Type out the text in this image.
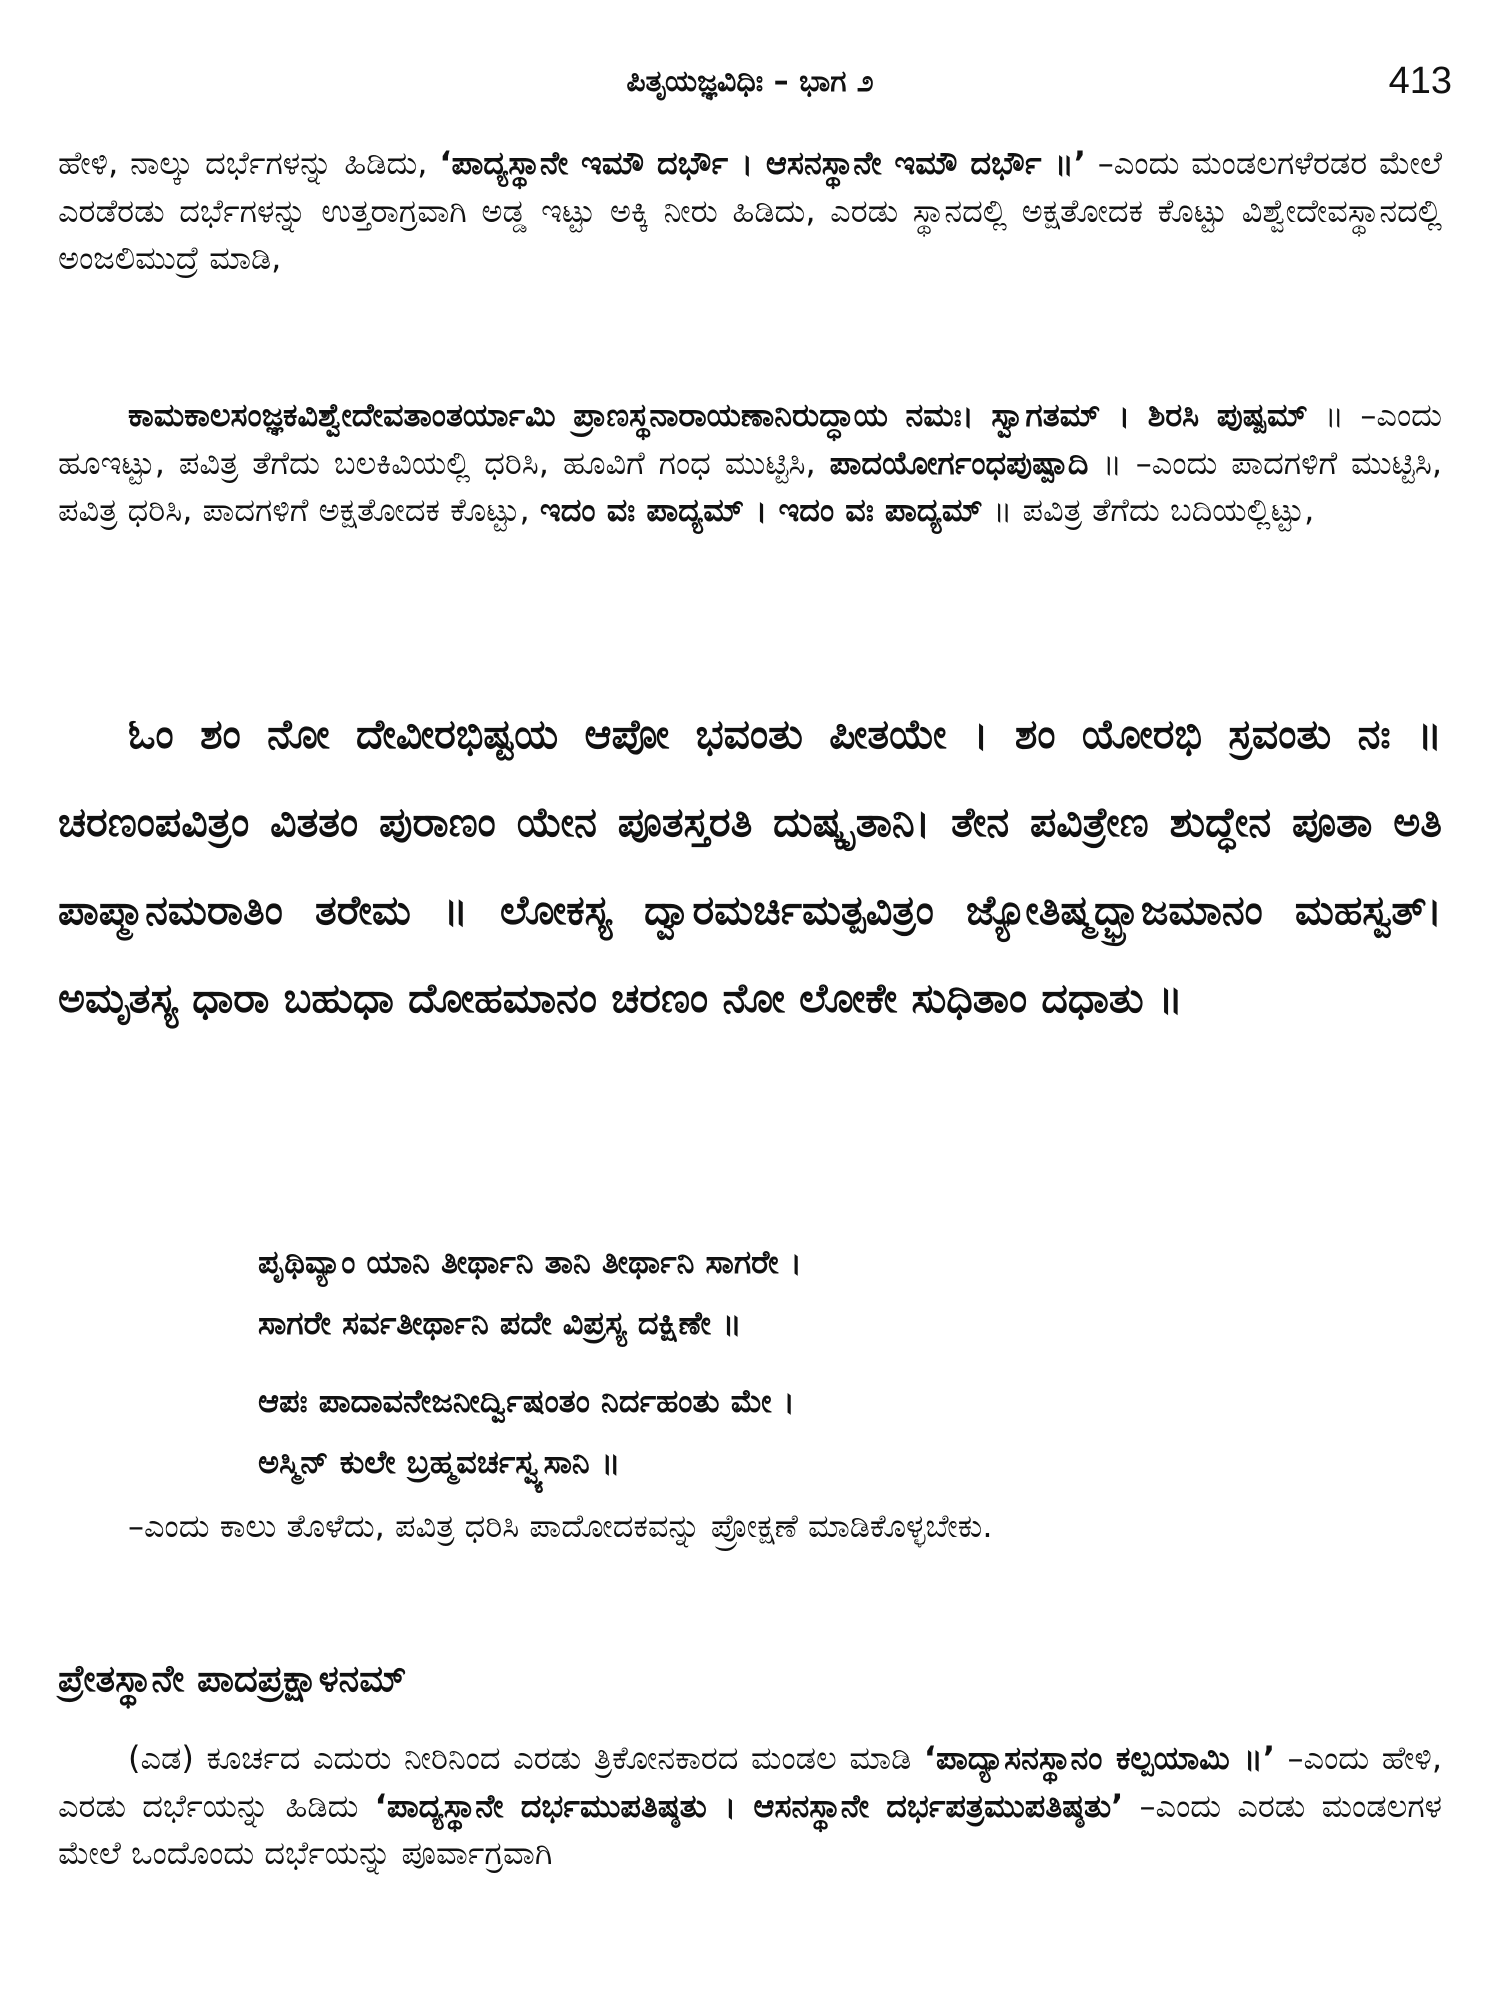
ಪಿತೃಯಜ್ಞವಿಧಿಃ – ಭಾಗ ೨	413
ಹೇಳಿ, ನಾಲ್ಕು ದರ್ಭೆಗಳನ್ನು ಹಿಡಿದು, ‘ಪಾದ್ಯಸ್ಥಾನೇ ಇಮೌ ದರ್ಭೌ । ಆಸನಸ್ಥಾನೇ ಇಮೌ ದರ್ಭೌ ॥’ –ಎಂದು ಮಂಡಲಗಳೆರಡರ ಮೇಲೆ ಎರಡೆರಡು ದರ್ಭೆಗಳನ್ನು ಉತ್ತರಾಗ್ರವಾಗಿ ಅಡ್ಡ ಇಟ್ಟು ಅಕ್ಕಿ ನೀರು ಹಿಡಿದು, ಎರಡು ಸ್ಥಾನದಲ್ಲಿ ಅಕ್ಷತೋದಕ ಕೊಟ್ಟು ವಿಶ್ವೇದೇವಸ್ಥಾನದಲ್ಲಿ ಅಂಜಲಿಮುದ್ರೆ ಮಾಡಿ,
ಕಾಮಕಾಲಸಂಜ್ಞಕವಿಶ್ವೇದೇವತಾಂತರ್ಯಾಮಿ ಪ್ರಾಣಸ್ಥನಾರಾಯಣಾನಿರುದ್ಧಾಯ ನಮಃ। ಸ್ವಾಗತಮ್ । ಶಿರಸಿ ಪುಷ್ಪಮ್ ॥ –ಎಂದು ಹೂಇಟ್ಟು, ಪವಿತ್ರ ತೆಗೆದು ಬಲಕಿವಿಯಲ್ಲಿ ಧರಿಸಿ, ಹೂವಿಗೆ ಗಂಧ ಮುಟ್ಟಿಸಿ, ಪಾದಯೋರ್ಗಂಧಪುಷ್ಪಾದಿ ॥ –ಎಂದು ಪಾದಗಳಿಗೆ ಮುಟ್ಟಿಸಿ, ಪವಿತ್ರ ಧರಿಸಿ, ಪಾದಗಳಿಗೆ ಅಕ್ಷತೋದಕ ಕೊಟ್ಟು, ಇದಂ ವಃ ಪಾದ್ಯಮ್ । ಇದಂ ವಃ ಪಾದ್ಯಮ್ ॥ ಪವಿತ್ರ ತೆಗೆದು ಬದಿಯಲ್ಲಿಟ್ಟು,
ಓಂ ಶಂ ನೋ ದೇವೀರಭಿಷ್ಟಯ ಆಪೋ ಭವಂತು ಪೀತಯೇ । ಶಂ ಯೋರಭಿ ಸ್ರವಂತು ನಃ ॥ ಚರಣಂಪವಿತ್ರಂ ವಿತತಂ ಪುರಾಣಂ ಯೇನ ಪೂತಸ್ತರತಿ ದುಷ್ಕೃತಾನಿ। ತೇನ ಪವಿತ್ರೇಣ ಶುದ್ಧೇನ ಪೂತಾ ಅತಿ ಪಾಪ್ಮಾನಮರಾತಿಂ ತರೇಮ ॥ ಲೋಕಸ್ಯ ದ್ವಾರಮರ್ಚಿಮತ್ಪವಿತ್ರಂ ಜ್ಯೋತಿಷ್ಮದ್ಭ್ರಾಜಮಾನಂ ಮಹಸ್ವತ್। ಅಮೃತಸ್ಯ ಧಾರಾ ಬಹುಧಾ ದೋಹಮಾನಂ ಚರಣಂ ನೋ ಲೋಕೇ ಸುಧಿತಾಂ ದಧಾತು ॥
ಪೃಥಿವ್ಯಾಂ ಯಾನಿ ತೀರ್ಥಾನಿ ತಾನಿ ತೀರ್ಥಾನಿ ಸಾಗರೇ ।
ಸಾಗರೇ ಸರ್ವತೀರ್ಥಾನಿ ಪದೇ ವಿಪ್ರಸ್ಯ ದಕ್ಷಿಣೇ ॥
ಆಪಃ ಪಾದಾವನೇಜನೀರ್ದ್ವಿಷಂತಂ ನಿರ್ದಹಂತು ಮೇ ।
ಅಸ್ಮಿನ್ ಕುಲೇ ಬ್ರಹ್ಮವರ್ಚಸ್ವ್ಯಸಾನಿ ॥
–ಎಂದು ಕಾಲು ತೊಳೆದು, ಪವಿತ್ರ ಧರಿಸಿ ಪಾದೋದಕವನ್ನು ಪ್ರೋಕ್ಷಣೆ ಮಾಡಿಕೊಳ್ಳಬೇಕು.
ಪ್ರೇತಸ್ಥಾನೇ ಪಾದಪ್ರಕ್ಷಾಳನಮ್
(ಎಡ) ಕೂರ್ಚದ ಎದುರು ನೀರಿನಿಂದ ಎರಡು ತ್ರಿಕೋನಕಾರದ ಮಂಡಲ ಮಾಡಿ ‘ಪಾದ್ಯಾಸನಸ್ಥಾನಂ ಕಲ್ಪಯಾಮಿ ॥’ –ಎಂದು ಹೇಳಿ, ಎರಡು ದರ್ಭೆಯನ್ನು ಹಿಡಿದು ‘ಪಾದ್ಯಸ್ಥಾನೇ ದರ್ಭಮುಪತಿಷ್ಠತು । ಆಸನಸ್ಥಾನೇ ದರ್ಭಪತ್ರಮುಪತಿಷ್ಠತು’ –ಎಂದು ಎರಡು ಮಂಡಲಗಳ ಮೇಲೆ ಒಂದೊಂದು ದರ್ಭೆಯನ್ನು ಪೂರ್ವಾಗ್ರವಾಗಿ
